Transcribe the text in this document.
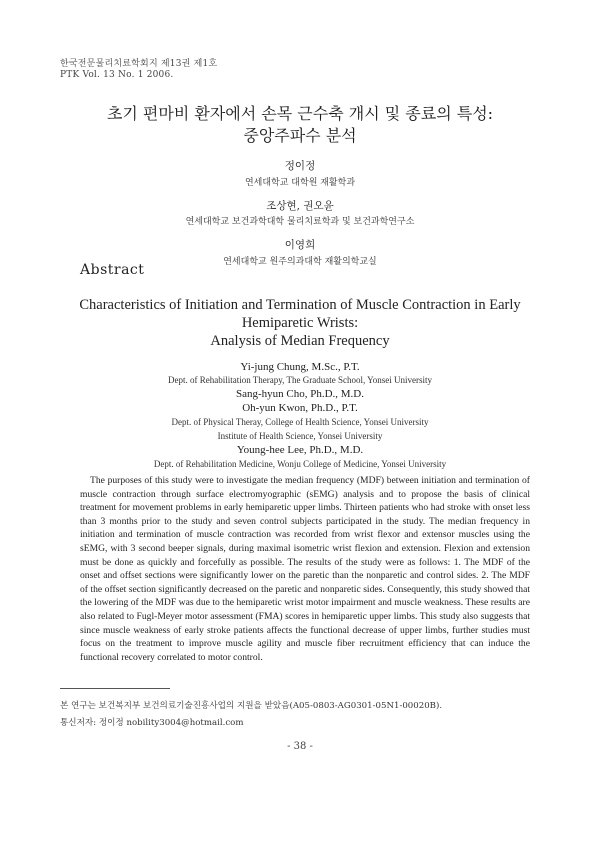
한국전문물리치료학회지 제13권 제1호
PTK Vol. 13 No. 1 2006.
초기 편마비 환자에서 손목 근수축 개시 및 종료의 특성:
중앙주파수 분석
정이정
연세대학교 대학원 재활학과
조상현, 권오윤
연세대학교 보건과학대학 물리치료학과 및 보건과학연구소
이영희
연세대학교 원주의과대학 재활의학교실
Abstract
Characteristics of Initiation and Termination of Muscle Contraction in Early
Hemiparetic Wrists:
Analysis of Median Frequency
Yi-jung Chung, M.Sc., P.T.
Dept. of Rehabilitation Therapy, The Graduate School, Yonsei University
Sang-hyun Cho, Ph.D., M.D.
Oh-yun Kwon, Ph.D., P.T.
Dept. of Physical Theray, College of Health Science, Yonsei University
Institute of Health Science, Yonsei University
Young-hee Lee, Ph.D., M.D.
Dept. of Rehabilitation Medicine, Wonju College of Medicine, Yonsei University

The purposes of this study were to investigate the median frequency (MDF) between initiation and termination of muscle contraction through surface electromyographic (sEMG) analysis and to propose the basis of clinical treatment for movement problems in early hemiparetic upper limbs. Thirteen patients who had stroke with onset less than 3 months prior to the study and seven control subjects participated in the study. The median frequency in initiation and termination of muscle contraction was recorded from wrist flexor and extensor muscles using the sEMG, with 3 second beeper signals, during maximal isometric wrist flexion and extension. Flexion and extension must be done as quickly and forcefully as possible. The results of the study were as follows: 1. The MDF of the onset and offset sections were significantly lower on the paretic than the nonparetic and control sides. 2. The MDF of the offset section significantly decreased on the paretic and nonparetic sides. Consequently, this study showed that the lowering of the MDF was due to the hemiparetic wrist motor impairment and muscle weakness. These results are also related to Fugl-Meyer motor assessment (FMA) scores in hemiparetic upper limbs. This study also suggests that since muscle weakness of early stroke patients affects the functional decrease of upper limbs, further studies must focus on the treatment to improve muscle agility and muscle fiber recruitment efficiency that can induce the functional recovery correlated to motor control.

본 연구는 보건복지부 보건의료기술진흥사업의 지원을 받았음(A05-0803-AG0301-05N1-00020B).
통신저자: 정이정 nobility3004@hotmail.com
- 38 -
